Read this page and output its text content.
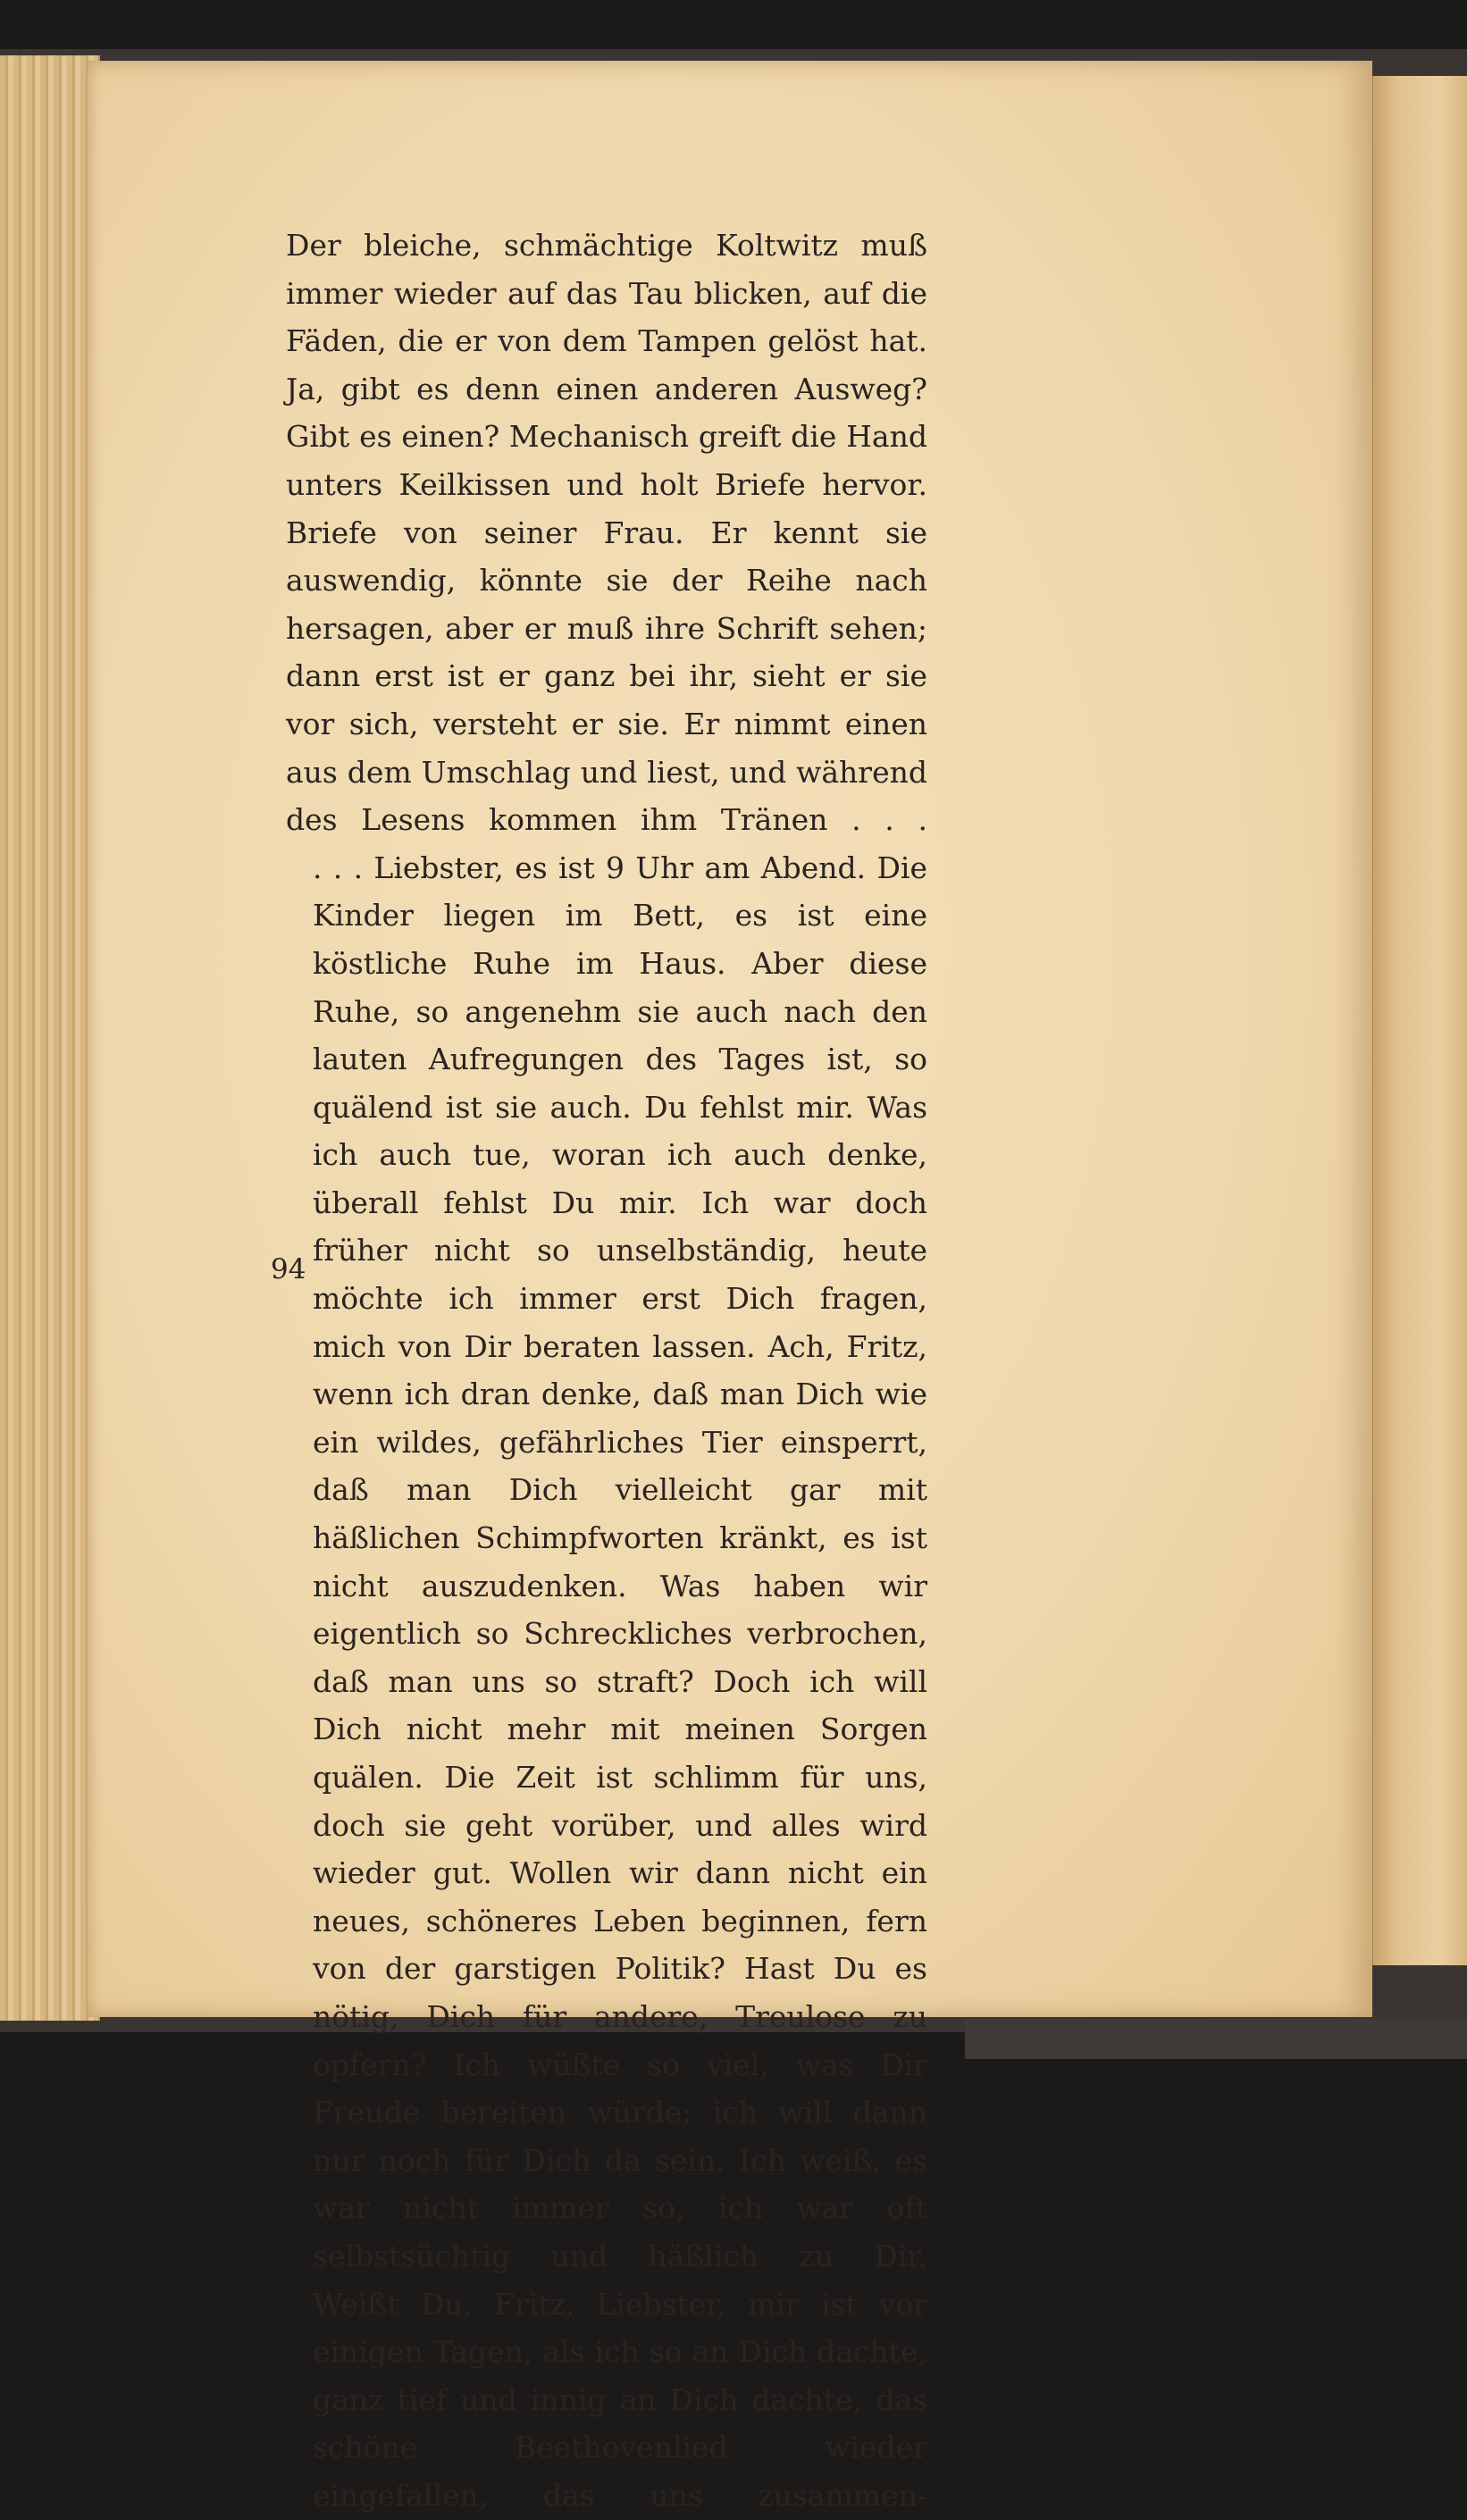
Der bleiche, schmächtige Koltwitz muß immer wieder auf das Tau blicken, auf die Fäden, die er von dem Tampen gelöst hat. Ja, gibt es denn einen anderen Ausweg? Gibt es einen? Mechanisch greift die Hand unters Keilkissen und holt Briefe hervor. Briefe von seiner Frau. Er kennt sie auswendig, könnte sie der Reihe nach hersagen, aber er muß ihre Schrift sehen; dann erst ist er ganz bei ihr, sieht er sie vor sich, versteht er sie. Er nimmt einen aus dem Umschlag und liest, und während des Lesens kommen ihm Tränen . . .

. . . Liebster, es ist 9 Uhr am Abend. Die Kinder liegen im Bett, es ist eine köstliche Ruhe im Haus. Aber diese Ruhe, so angenehm sie auch nach den lauten Aufregungen des Tages ist, so quälend ist sie auch. Du fehlst mir. Was ich auch tue, woran ich auch denke, überall fehlst Du mir. Ich war doch früher nicht so unselbständig, heute möchte ich immer erst Dich fragen, mich von Dir beraten lassen. Ach, Fritz, wenn ich dran denke, daß man Dich wie ein wildes, gefährliches Tier einsperrt, daß man Dich vielleicht gar mit häßlichen Schimpfworten kränkt, es ist nicht auszudenken. Was haben wir eigentlich so Schreckliches verbrochen, daß man uns so straft? Doch ich will Dich nicht mehr mit meinen Sorgen quälen. Die Zeit ist schlimm für uns, doch sie geht vorüber, und alles wird wieder gut. Wollen wir dann nicht ein neues, schöneres Leben beginnen, fern von der garstigen Politik? Hast Du es nötig, Dich für andere, Treulose zu opfern? Ich wüßte so viel, was Dir Freude bereiten würde; ich will dann nur noch für Dich da sein. Ich weiß, es war nicht immer so, ich war oft selbstsüchtig und häßlich zu Dir.

Weißt Du, Fritz, Liebster, mir ist vor einigen Tagen, als ich so an Dich dachte, ganz tief und innig an Dich dachte, das schöne Beethovenlied wieder eingefallen, das uns zusammen-

94
